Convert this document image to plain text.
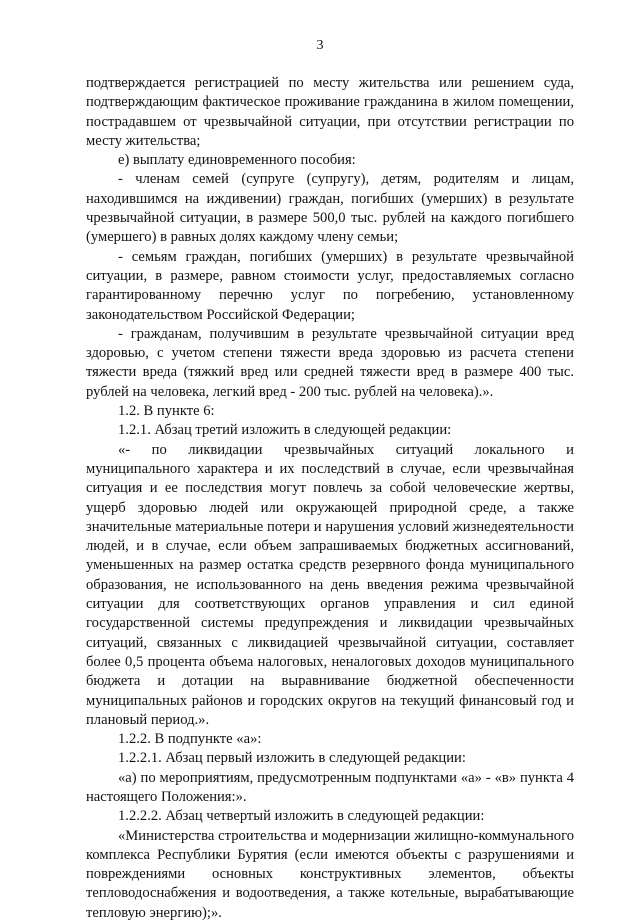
3

подтверждается регистрацией по месту жительства или решением суда, подтверждающим фактическое проживание гражданина в жилом помещении, пострадавшем от чрезвычайной ситуации, при отсутствии регистрации по месту жительства;

е) выплату единовременного пособия:

- членам семей (супруге (супругу), детям, родителям и лицам, находившимся на иждивении) граждан, погибших (умерших) в результате чрезвычайной ситуации, в размере 500,0 тыс. рублей на каждого погибшего (умершего) в равных долях каждому члену семьи;

- семьям граждан, погибших (умерших) в результате чрезвычайной ситуации, в размере, равном стоимости услуг, предоставляемых согласно гарантированному перечню услуг по погребению, установленному законодательством Российской Федерации;

- гражданам, получившим в результате чрезвычайной ситуации вред здоровью, с учетом степени тяжести вреда здоровью из расчета степени тяжести вреда (тяжкий вред или средней тяжести вред в размере 400 тыс. рублей на человека, легкий вред - 200 тыс. рублей на человека).».

1.2. В пункте 6:

1.2.1. Абзац третий изложить в следующей редакции:

«- по ликвидации чрезвычайных ситуаций локального и муниципального характера и их последствий в случае, если чрезвычайная ситуация и ее последствия могут повлечь за собой человеческие жертвы, ущерб здоровью людей или окружающей природной среде, а также значительные материальные потери и нарушения условий жизнедеятельности людей, и в случае, если объем запрашиваемых бюджетных ассигнований, уменьшенных на размер остатка средств резервного фонда муниципального образования, не использованного на день введения режима чрезвычайной ситуации для соответствующих органов управления и сил единой государственной системы предупреждения и ликвидации чрезвычайных ситуаций, связанных с ликвидацией чрезвычайной ситуации, составляет более 0,5 процента объема налоговых, неналоговых доходов муниципального бюджета и дотации на выравнивание бюджетной обеспеченности муниципальных районов и городских округов на текущий финансовый год и плановый период.».

1.2.2. В подпункте «а»:

1.2.2.1. Абзац первый изложить в следующей редакции:

«а) по мероприятиям, предусмотренным подпунктами «а» - «в» пункта 4 настоящего Положения:».

1.2.2.2. Абзац четвертый изложить в следующей редакции:

«Министерства строительства и модернизации жилищно-коммунального комплекса Республики Бурятия (если имеются объекты с разрушениями и повреждениями основных конструктивных элементов, объекты тепловодоснабжения и водоотведения, а также котельные, вырабатывающие тепловую энергию);».
